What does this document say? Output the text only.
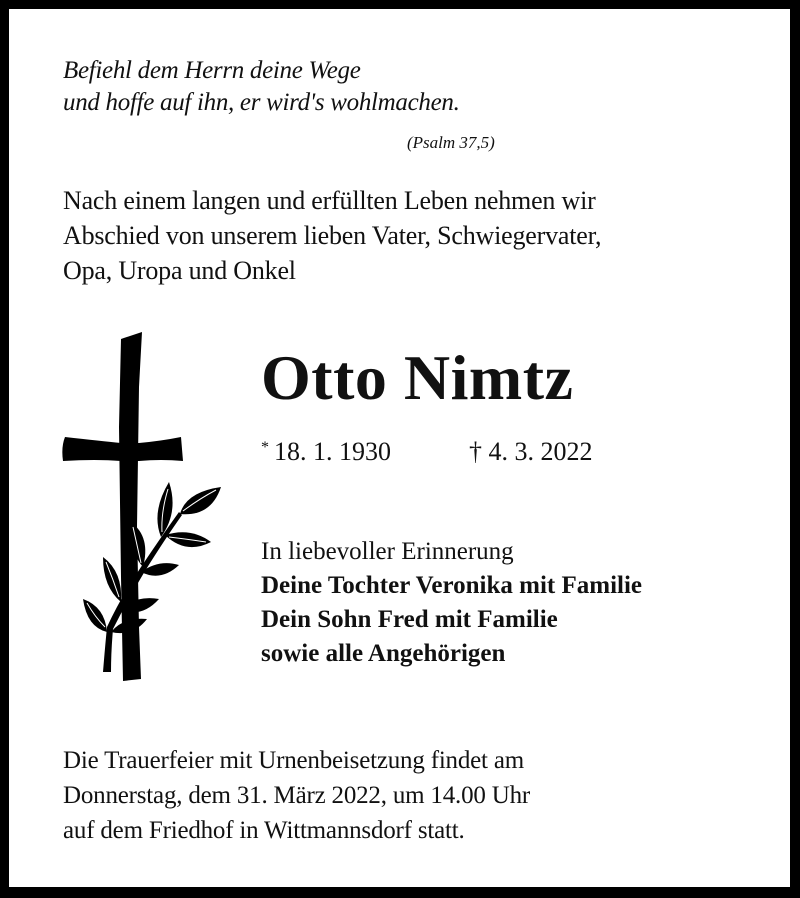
Befiehl dem Herrn deine Wege
und hoffe auf ihn, er wird's wohlmachen.
(Psalm 37,5)
Nach einem langen und erfüllten Leben nehmen wir
Abschied von unserem lieben Vater, Schwiegervater,
Opa, Uropa und Onkel
Otto Nimtz
* 18. 1. 1930	† 4. 3. 2022
In liebevoller Erinnerung
Deine Tochter Veronika mit Familie
Dein Sohn Fred mit Familie
sowie alle Angehörigen
Die Trauerfeier mit Urnenbeisetzung findet am
Donnerstag, dem 31. März 2022, um 14.00 Uhr
auf dem Friedhof in Wittmannsdorf statt.
